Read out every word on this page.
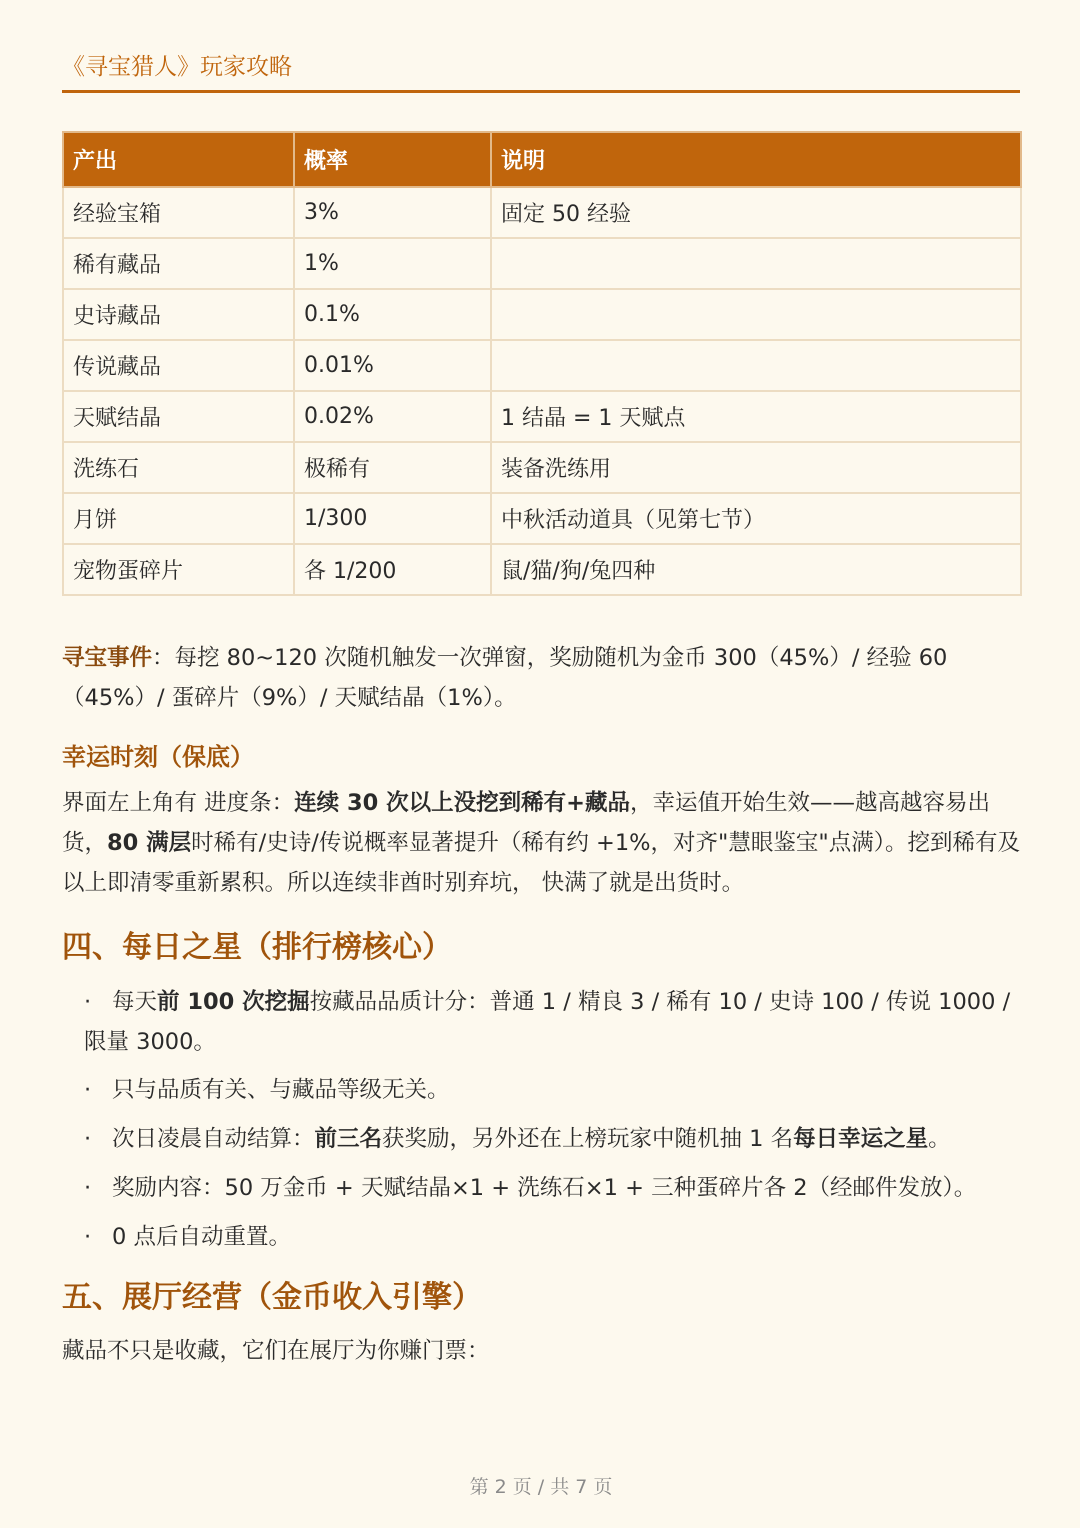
《寻宝猎人》玩家攻略
产出	概率	说明
经验宝箱	3%	固定 50 经验
稀有藏品	1%	
史诗藏品	0.1%	
传说藏品	0.01%	
天赋结晶	0.02%	1 结晶 = 1 天赋点
洗练石	极稀有	装备洗练用
月饼	1/300	中秋活动道具（见第七节）
宠物蛋碎片	各 1/200	鼠/猫/狗/兔四种
寻宝事件：每挖 80~120 次随机触发一次弹窗，奖励随机为金币 300（45%）/ 经验 60（45%）/ 蛋碎片（9%）/ 天赋结晶（1%）。
幸运时刻（保底）
界面左上角有 进度条：连续 30 次以上没挖到稀有+藏品，幸运值开始生效——越高越容易出货，80 满层时稀有/史诗/传说概率显著提升（稀有约 +1%，对齐"慧眼鉴宝"点满）。挖到稀有及以上即清零重新累积。所以连续非酋时别弃坑， 快满了就是出货时。
四、每日之星（排行榜核心）
· 每天前 100 次挖掘按藏品品质计分：普通 1 / 精良 3 / 稀有 10 / 史诗 100 / 传说 1000 / 限量 3000。
· 只与品质有关、与藏品等级无关。
· 次日凌晨自动结算：前三名获奖励，另外还在上榜玩家中随机抽 1 名每日幸运之星。
· 奖励内容：50 万金币 + 天赋结晶×1 + 洗练石×1 + 三种蛋碎片各 2（经邮件发放）。
· 0 点后自动重置。
五、展厅经营（金币收入引擎）
藏品不只是收藏，它们在展厅为你赚门票：
第 2 页 / 共 7 页
